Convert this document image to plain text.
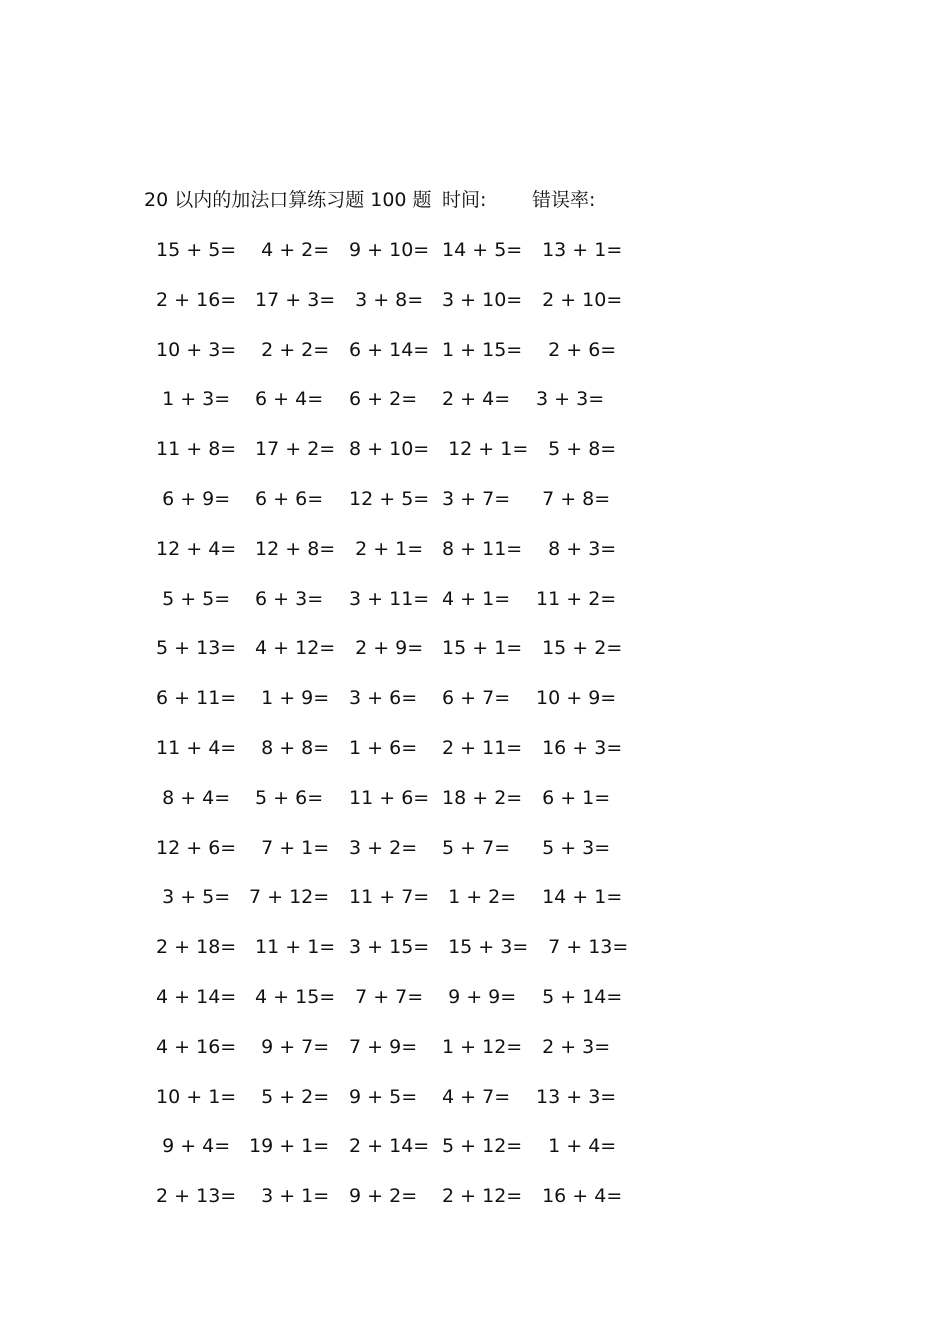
20 以内的加法口算练习题 100 题 时间: 错误率:
15 + 5= 4 + 2= 9 + 10= 14 + 5= 13 + 1=
2 + 16= 17 + 3= 3 + 8= 3 + 10= 2 + 10=
10 + 3= 2 + 2= 6 + 14= 1 + 15= 2 + 6=
1 + 3= 6 + 4= 6 + 2= 2 + 4= 3 + 3=
11 + 8= 17 + 2= 8 + 10= 12 + 1= 5 + 8=
6 + 9= 6 + 6= 12 + 5= 3 + 7= 7 + 8=
12 + 4= 12 + 8= 2 + 1= 8 + 11= 8 + 3=
5 + 5= 6 + 3= 3 + 11= 4 + 1= 11 + 2=
5 + 13= 4 + 12= 2 + 9= 15 + 1= 15 + 2=
6 + 11= 1 + 9= 3 + 6= 6 + 7= 10 + 9=
11 + 4= 8 + 8= 1 + 6= 2 + 11= 16 + 3=
8 + 4= 5 + 6= 11 + 6= 18 + 2= 6 + 1=
12 + 6= 7 + 1= 3 + 2= 5 + 7= 5 + 3=
3 + 5= 7 + 12= 11 + 7= 1 + 2= 14 + 1=
2 + 18= 11 + 1= 3 + 15= 15 + 3= 7 + 13=
4 + 14= 4 + 15= 7 + 7= 9 + 9= 5 + 14=
4 + 16= 9 + 7= 7 + 9= 1 + 12= 2 + 3=
10 + 1= 5 + 2= 9 + 5= 4 + 7= 13 + 3=
9 + 4= 19 + 1= 2 + 14= 5 + 12= 1 + 4=
2 + 13= 3 + 1= 9 + 2= 2 + 12= 16 + 4=
